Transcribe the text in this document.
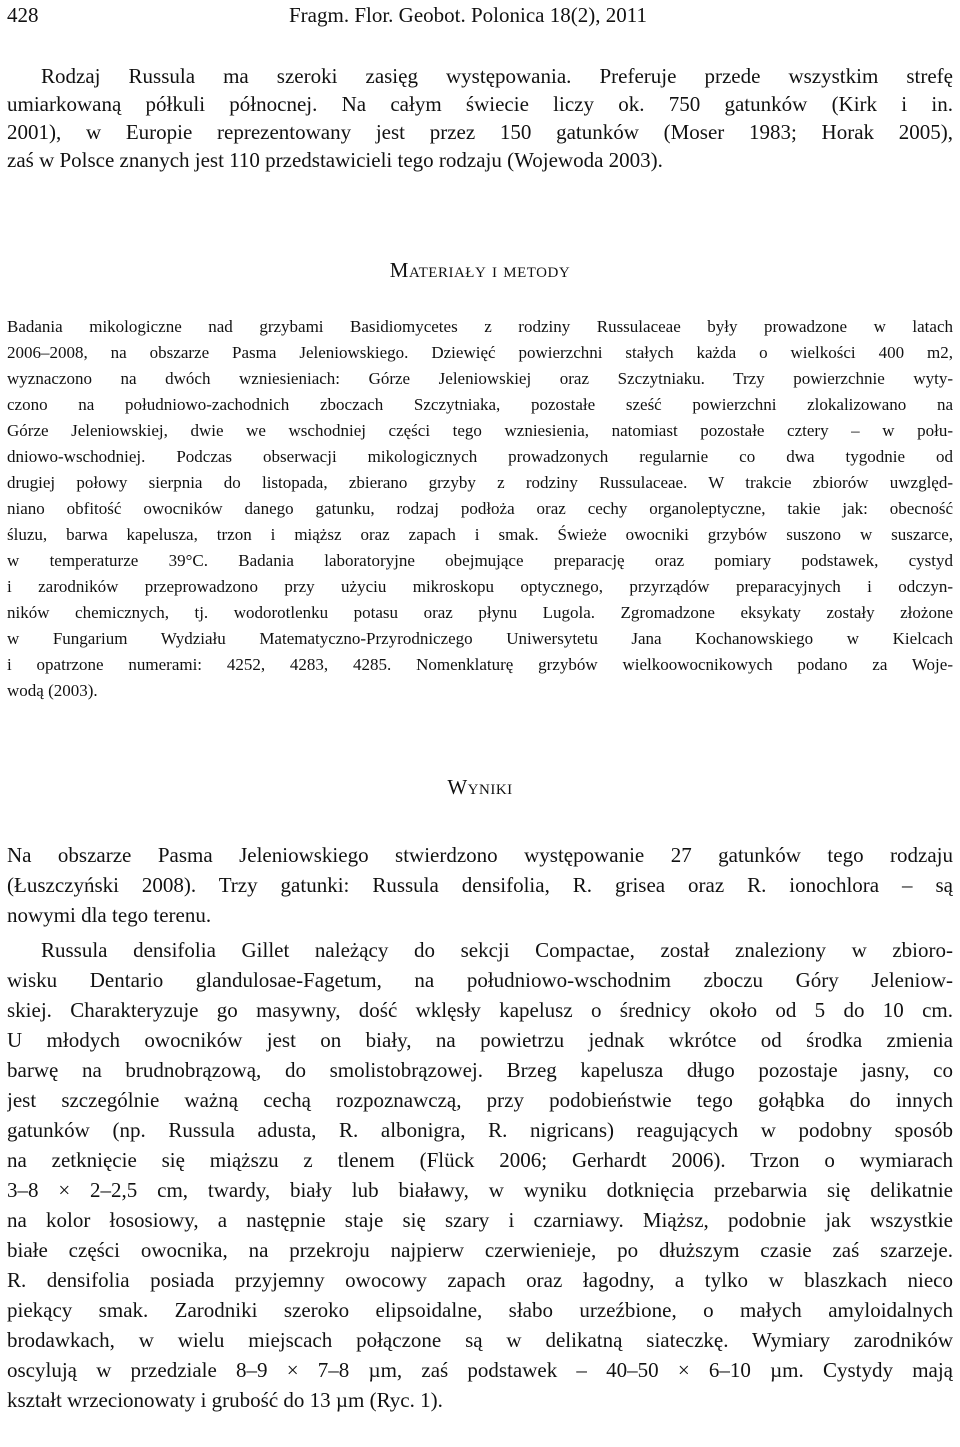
428	Fragm. Flor. Geobot. Polonica 18(2), 2011
Rodzaj Russula ma szeroki zasięg występowania. Preferuje przede wszystkim strefę
umiarkowaną półkuli północnej. Na całym świecie liczy ok. 750 gatunków (Kirk i in.
2001), w Europie reprezentowany jest przez 150 gatunków (Moser 1983; Horak 2005),
zaś w Polsce znanych jest 110 przedstawicieli tego rodzaju (Wojewoda 2003).
Materiały i metody
Badania mikologiczne nad grzybami Basidiomycetes z rodziny Russulaceae były prowadzone w latach
2006–2008, na obszarze Pasma Jeleniowskiego. Dziewięć powierzchni stałych każda o wielkości 400 m2,
wyznaczono na dwóch wzniesieniach: Górze Jeleniowskiej oraz Szczytniaku. Trzy powierzchnie wyty-
czono na południowo-zachodnich zboczach Szczytniaka, pozostałe sześć powierzchni zlokalizowano na
Górze Jeleniowskiej, dwie we wschodniej części tego wzniesienia, natomiast pozostałe cztery – w połu-
dniowo-wschodniej. Podczas obserwacji mikologicznych prowadzonych regularnie co dwa tygodnie od
drugiej połowy sierpnia do listopada, zbierano grzyby z rodziny Russulaceae. W trakcie zbiorów uwzględ-
niano obfitość owocników danego gatunku, rodzaj podłoża oraz cechy organoleptyczne, takie jak: obecność
śluzu, barwa kapelusza, trzon i miąższ oraz zapach i smak. Świeże owocniki grzybów suszono w suszarce,
w temperaturze 39°C. Badania laboratoryjne obejmujące preparację oraz pomiary podstawek, cystyd
i zarodników przeprowadzono przy użyciu mikroskopu optycznego, przyrządów preparacyjnych i odczyn-
ników chemicznych, tj. wodorotlenku potasu oraz płynu Lugola. Zgromadzone eksykaty zostały złożone
w Fungarium Wydziału Matematyczno-Przyrodniczego Uniwersytetu Jana Kochanowskiego w Kielcach
i opatrzone numerami: 4252, 4283, 4285. Nomenklaturę grzybów wielkoowocnikowych podano za Woje-
wodą (2003).
Wyniki
Na obszarze Pasma Jeleniowskiego stwierdzono występowanie 27 gatunków tego rodzaju
(Łuszczyński 2008). Trzy gatunki: Russula densifolia, R. grisea oraz R. ionochlora – są
nowymi dla tego terenu.
Russula densifolia Gillet należący do sekcji Compactae, został znaleziony w zbioro-
wisku Dentario glandulosae-Fagetum, na południowo-wschodnim zboczu Góry Jeleniow-
skiej. Charakteryzuje go masywny, dość wklęsły kapelusz o średnicy około od 5 do 10 cm.
U młodych owocników jest on biały, na powietrzu jednak wkrótce od środka zmienia
barwę na brudnobrązową, do smolistobrązowej. Brzeg kapelusza długo pozostaje jasny, co
jest szczególnie ważną cechą rozpoznawczą, przy podobieństwie tego gołąbka do innych
gatunków (np. Russula adusta, R. albonigra, R. nigricans) reagujących w podobny sposób
na zetknięcie się miąższu z tlenem (Flück 2006; Gerhardt 2006). Trzon o wymiarach
3–8 × 2–2,5 cm, twardy, biały lub białawy, w wyniku dotknięcia przebarwia się delikatnie
na kolor łososiowy, a następnie staje się szary i czarniawy. Miąższ, podobnie jak wszystkie
białe części owocnika, na przekroju najpierw czerwienieje, po dłuższym czasie zaś szarzeje.
R. densifolia posiada przyjemny owocowy zapach oraz łagodny, a tylko w blaszkach nieco
piekący smak. Zarodniki szeroko elipsoidalne, słabo urzeźbione, o małych amyloidalnych
brodawkach, w wielu miejscach połączone są w delikatną siateczkę. Wymiary zarodników
oscylują w przedziale 8–9 × 7–8 µm, zaś podstawek – 40–50 × 6–10 µm. Cystydy mają
kształt wrzecionowaty i grubość do 13 µm (Ryc. 1).
